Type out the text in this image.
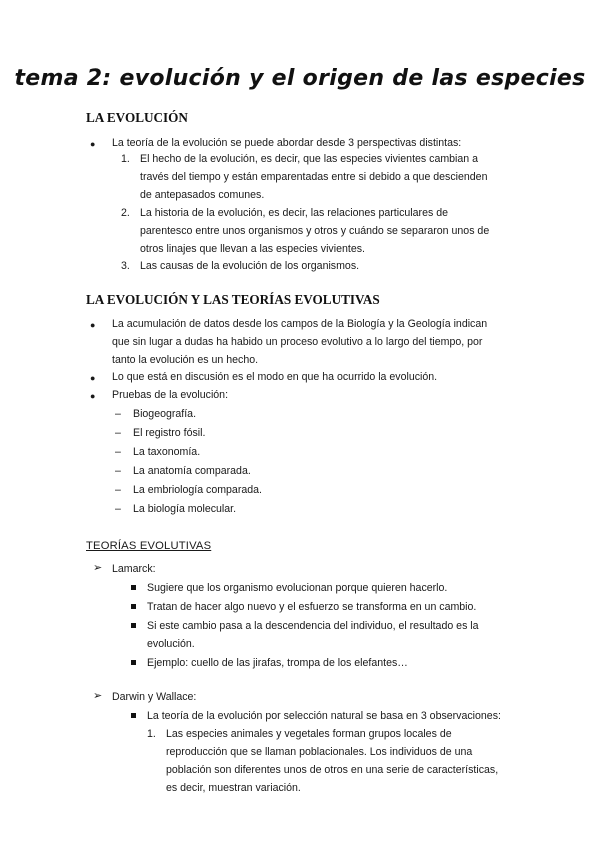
tema 2: evolución y el origen de las especies
LA EVOLUCIÓN
● La teoría de la evolución se puede abordar desde 3 perspectivas distintas:
1. El hecho de la evolución, es decir, que las especies vivientes cambian a
través del tiempo y están emparentadas entre si debido a que descienden
de antepasados comunes.
2. La historia de la evolución, es decir, las relaciones particulares de
parentesco entre unos organismos y otros y cuándo se separaron unos de
otros linajes que llevan a las especies vivientes.
3. Las causas de la evolución de los organismos.
LA EVOLUCIÓN Y LAS TEORÍAS EVOLUTIVAS
● La acumulación de datos desde los campos de la Biología y la Geología indican
que sin lugar a dudas ha habido un proceso evolutivo a lo largo del tiempo, por
tanto la evolución es un hecho.
● Lo que está en discusión es el modo en que ha ocurrido la evolución.
● Pruebas de la evolución:
– Biogeografía.
– El registro fósil.
– La taxonomía.
– La anatomía comparada.
– La embriología comparada.
– La biología molecular.
TEORÍAS EVOLUTIVAS
➢ Lamarck:
Sugiere que los organismo evolucionan porque quieren hacerlo.
Tratan de hacer algo nuevo y el esfuerzo se transforma en un cambio.
Si este cambio pasa a la descendencia del individuo, el resultado es la
evolución.
Ejemplo: cuello de las jirafas, trompa de los elefantes…
➢ Darwin y Wallace:
La teoría de la evolución por selección natural se basa en 3 observaciones:
1. Las especies animales y vegetales forman grupos locales de
reproducción que se llaman poblacionales. Los individuos de una
población son diferentes unos de otros en una serie de características,
es decir, muestran variación.
